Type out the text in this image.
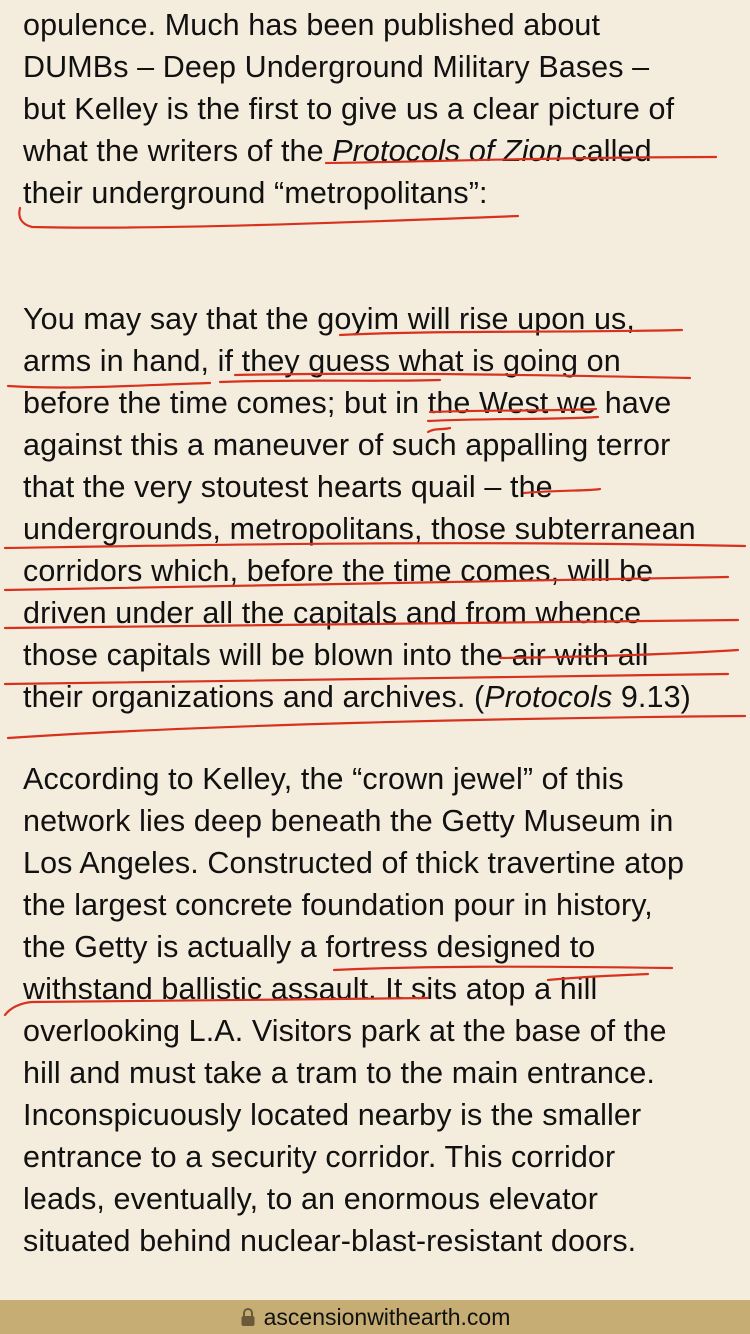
opulence. Much has been published about
DUMBs – Deep Underground Military Bases –
but Kelley is the first to give us a clear picture of
what the writers of the Protocols of Zion called
their underground “metropolitans”:
You may say that the goyim will rise upon us,
arms in hand, if they guess what is going on
before the time comes; but in the West we have
against this a maneuver of such appalling terror
that the very stoutest hearts quail – the
undergrounds, metropolitans, those subterranean
corridors which, before the time comes, will be
driven under all the capitals and from whence
those capitals will be blown into the air with all
their organizations and archives. (Protocols 9.13)
According to Kelley, the “crown jewel” of this
network lies deep beneath the Getty Museum in
Los Angeles. Constructed of thick travertine atop
the largest concrete foundation pour in history,
the Getty is actually a fortress designed to
withstand ballistic assault. It sits atop a hill
overlooking L.A. Visitors park at the base of the
hill and must take a tram to the main entrance.
Inconspicuously located nearby is the smaller
entrance to a security corridor. This corridor
leads, eventually, to an enormous elevator
situated behind nuclear-blast-resistant doors.
ascensionwithearth.com
